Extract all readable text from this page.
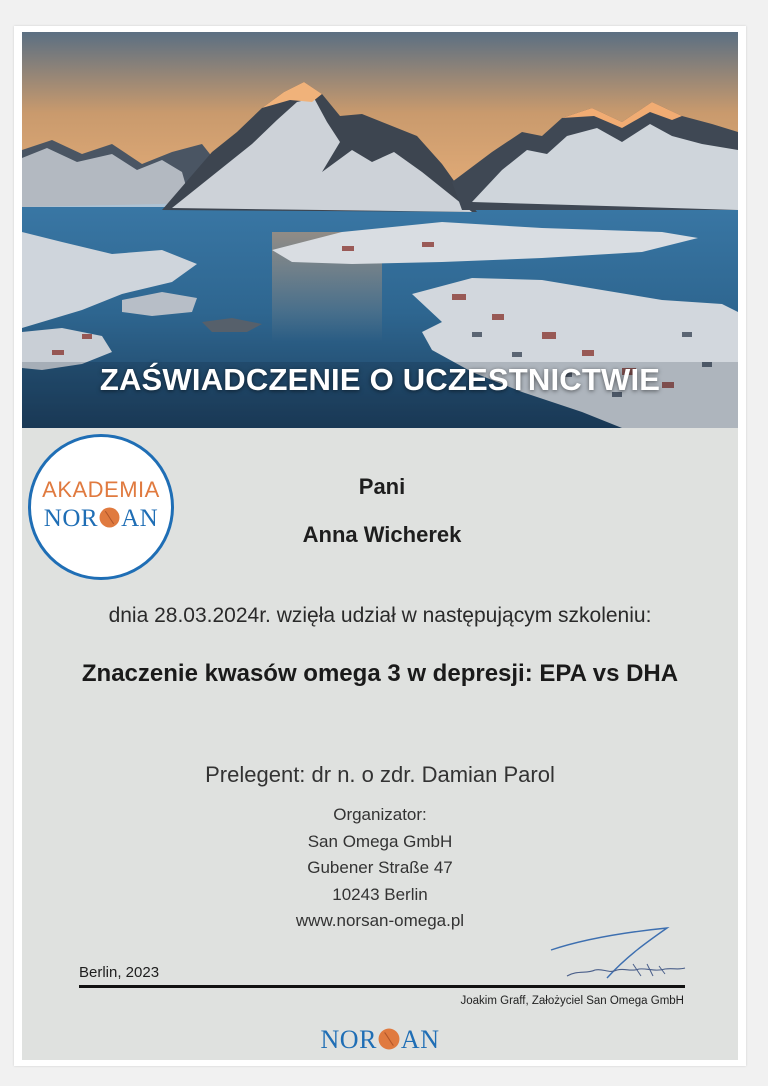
ZAŚWIADCZENIE O UCZESTNICTWIE
AKADEMIA
NOR AN
Pani
Anna Wicherek
dnia 28.03.2024r. wzięła udział w następującym szkoleniu:
Znaczenie kwasów omega 3 w depresji: EPA vs DHA
Prelegent: dr n. o zdr. Damian Parol
Organizator:
San Omega GmbH
Gubener Straße 47
10243 Berlin
www.norsan-omega.pl
Berlin, 2023
Joakim Graff, Założyciel San Omega GmbH
NOR AN
